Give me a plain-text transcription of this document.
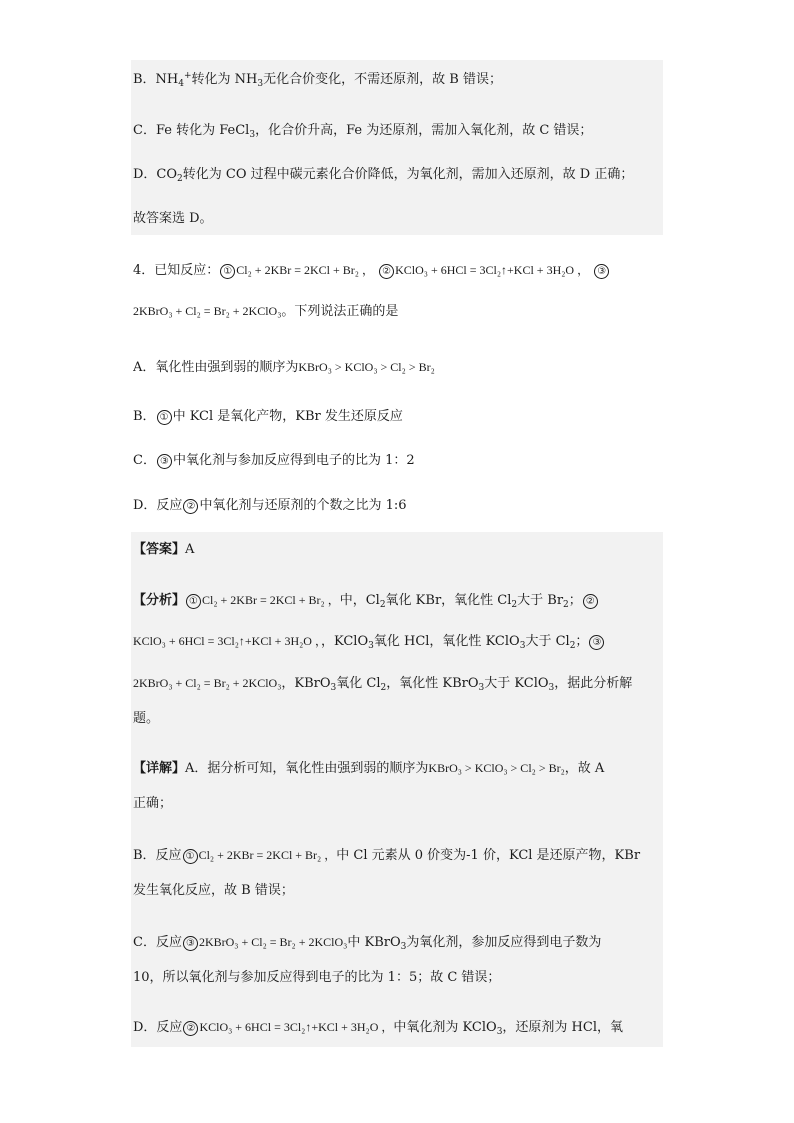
B．$NH_4^+$转化为 $NH_3$无化合价变化，不需还原剂，故 B 错误；
C．Fe 转化为 FeCl$_3$，化合价升高，Fe 为还原剂，需加入氧化剂，故 C 错误；
D．$CO_2$转化为 CO 过程中碳元素化合价降低，为氧化剂，需加入还原剂，故 D 正确；
故答案选 D。
4．已知反应： ① Cl₂ + 2KBr = 2KCl + Br₂ ， ② KClO₃ + 6HCl = 3Cl₂↑+KCl + 3H₂O ， ③
2KBrO₃ + Cl₂ = Br₂ + 2KClO₃。下列说法正确的是
A．氧化性由强到弱的顺序为KBrO₃ > KClO₃ > Cl₂ > Br₂
B． ① 中 KCl 是氧化产物，KBr 发生还原反应
C． ③ 中氧化剂与参加反应得到电子的比为 1：2
D．反应 ② 中氧化剂与还原剂的个数之比为 1:6
【答案】A
【分析】 ① Cl₂ + 2KBr = 2KCl + Br₂ ，中，$Cl_2$氧化 KBr，氧化性 $Cl_2$大于 $Br_2$； ②
KClO₃ + 6HCl = 3Cl₂↑+KCl + 3H₂O ，，KClO$_3$氧化 HCl，氧化性 KClO$_3$大于 $Cl_2$； ③
2KBrO₃ + Cl₂ = Br₂ + 2KClO₃，KBrO$_3$氧化 $Cl_2$，氧化性 KBrO$_3$大于 KClO$_3$，据此分析解
题。
【详解】A．据分析可知，氧化性由强到弱的顺序为KBrO₃ > KClO₃ > Cl₂ > Br₂，故 A
正确；
B．反应 ① Cl₂ + 2KBr = 2KCl + Br₂ ，中 Cl 元素从 0 价变为-1 价，KCl 是还原产物，KBr
发生氧化反应，故 B 错误；
C．反应 ③ 2KBrO₃ + Cl₂ = Br₂ + 2KClO₃中 KBrO$_3$为氧化剂，参加反应得到电子数为
10，所以氧化剂与参加反应得到电子的比为 1：5；故 C 错误；
D．反应 ② KClO₃ + 6HCl = 3Cl₂↑+KCl + 3H₂O ，中氧化剂为 KClO$_3$，还原剂为 HCl，氧
